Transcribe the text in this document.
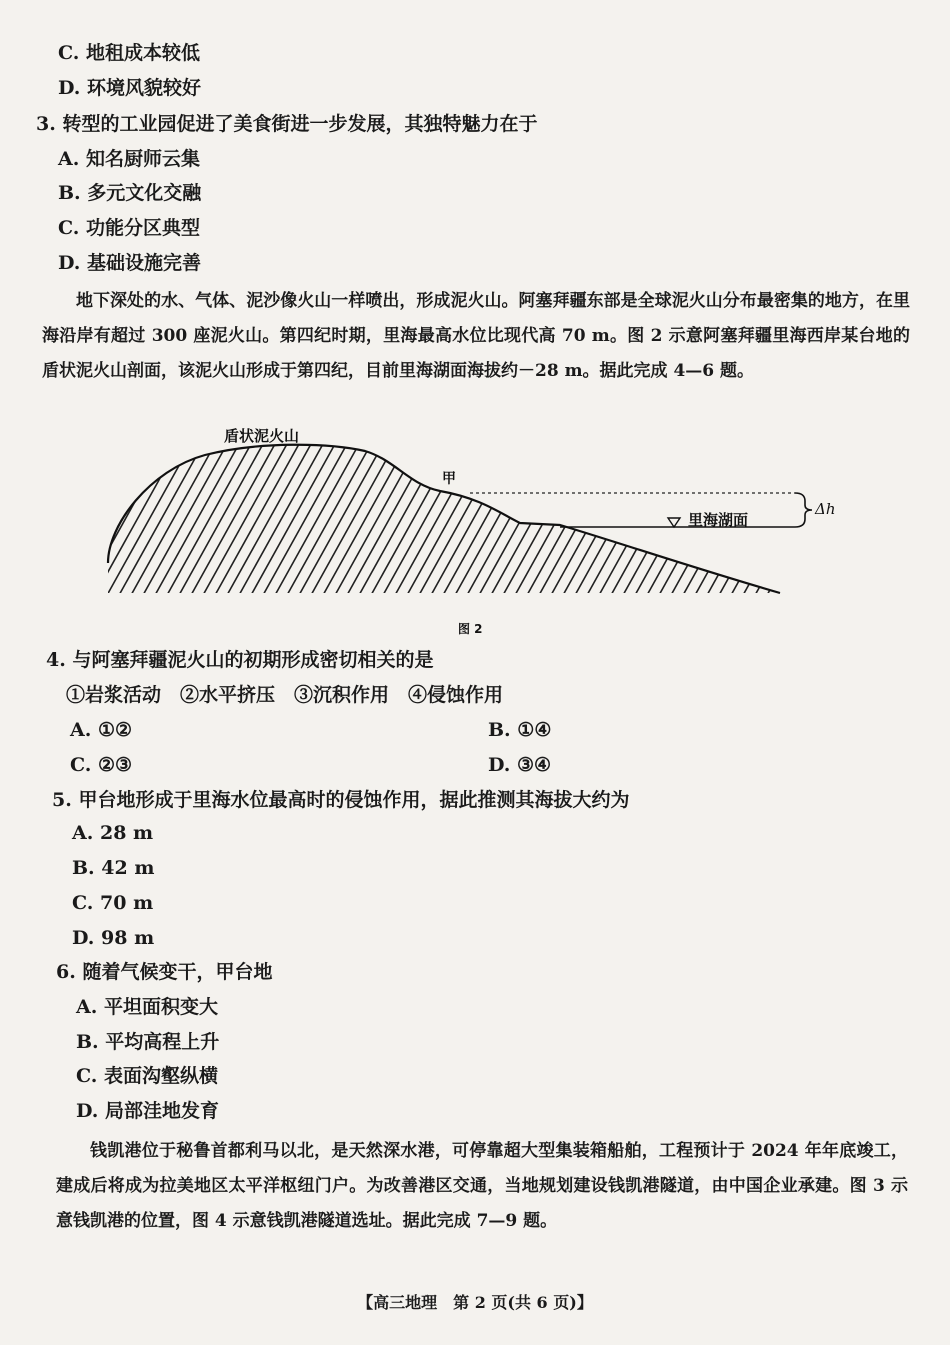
C. 地租成本较低
D. 环境风貌较好
3. 转型的工业园促进了美食街进一步发展，其独特魅力在于
A. 知名厨师云集
B. 多元文化交融
C. 功能分区典型
D. 基础设施完善

地下深处的水、气体、泥沙像火山一样喷出，形成泥火山。阿塞拜疆东部是全球泥火山分布最密集的地方，在里海沿岸有超过 300 座泥火山。第四纪时期，里海最高水位比现代高 70 m。图 2 示意阿塞拜疆里海西岸某台地的盾状泥火山剖面，该泥火山形成于第四纪，目前里海湖面海拔约－28 m。据此完成 4—6 题。

盾状泥火山
甲
里海湖面
Δh
图 2
4. 与阿塞拜疆泥火山的初期形成密切相关的是
①岩浆活动　②水平挤压　③沉积作用　④侵蚀作用
A. ①②	B. ①④
C. ②③	D. ③④
5. 甲台地形成于里海水位最高时的侵蚀作用，据此推测其海拔大约为
A. 28 m
B. 42 m
C. 70 m
D. 98 m
6. 随着气候变干，甲台地
A. 平坦面积变大
B. 平均高程上升
C. 表面沟壑纵横
D. 局部洼地发育

钱凯港位于秘鲁首都利马以北，是天然深水港，可停靠超大型集装箱船舶，工程预计于 2024 年年底竣工，建成后将成为拉美地区太平洋枢纽门户。为改善港区交通，当地规划建设钱凯港隧道，由中国企业承建。图 3 示意钱凯港的位置，图 4 示意钱凯港隧道选址。据此完成 7—9 题。

【高三地理　第 2 页(共 6 页)】
